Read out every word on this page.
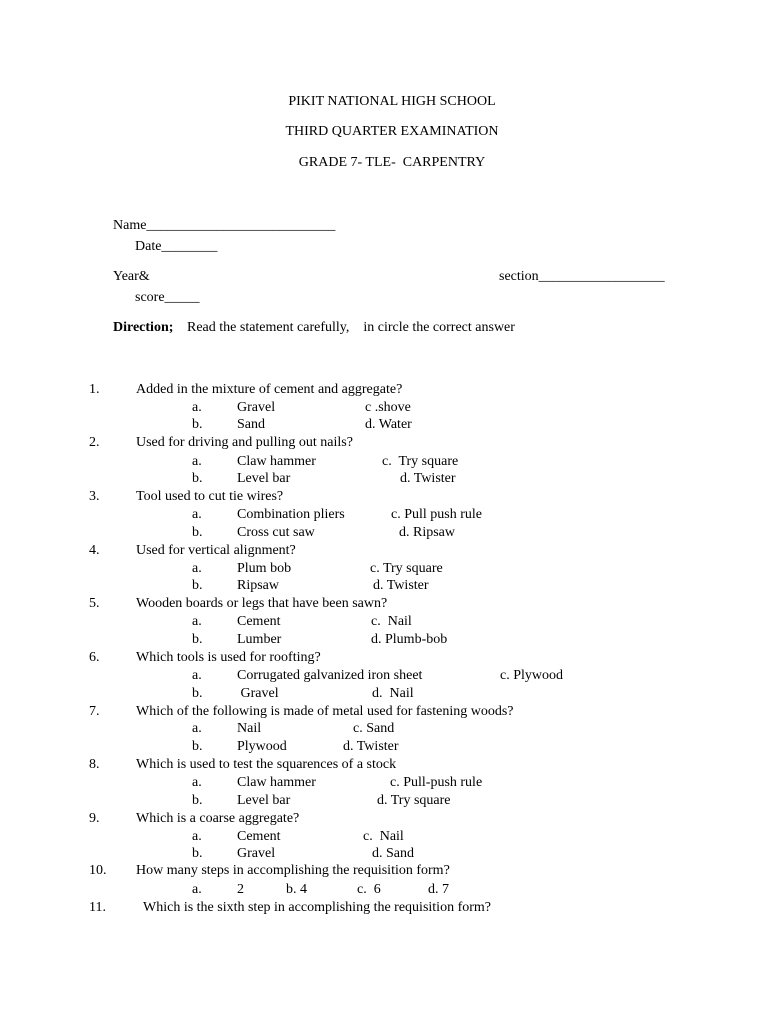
PIKIT NATIONAL HIGH SCHOOL
THIRD QUARTER EXAMINATION
GRADE 7- TLE-  CARPENTRY
Name___________________________
Date________
Year&	section__________________
score_____
Direction; Read the statement carefully,    in circle the correct answer
1.	Added in the mixture of cement and aggregate?
a.	Gravel	c .shove
b. Sand	d. Water
2.	Used for driving and pulling out nails?
a.	Claw hammer	c.  Try square
b. Level bar	d. Twister
3.	Tool used to cut tie wires?
a.	Combination pliers	c. Pull push rule
b. Cross cut saw	d. Ripsaw
4.	Used for vertical alignment?
a.	Plum bob	c. Try square
b. Ripsaw	d. Twister
5.	Wooden boards or legs that have been sawn?
a.	Cement	c.  Nail
b. Lumber	d. Plumb-bob
6.	Which tools is used for roofting?
a.	Corrugated galvanized iron sheet	c. Plywood
b. Gravel	d.  Nail
7.	Which of the following is made of metal used for fastening woods?
a.	Nail	c. Sand
b. Plywood	d. Twister
8.	Which is used to test the squarences of a stock
a.	Claw hammer	c. Pull-push rule
b. Level bar	d. Try square
9.	Which is a coarse aggregate?
a.	Cement	c.  Nail
b. Gravel	d. Sand
10. How many steps in accomplishing the requisition form?
a.	2	b. 4	c.  6	d. 7
11.	Which is the sixth step in accomplishing the requisition form?
